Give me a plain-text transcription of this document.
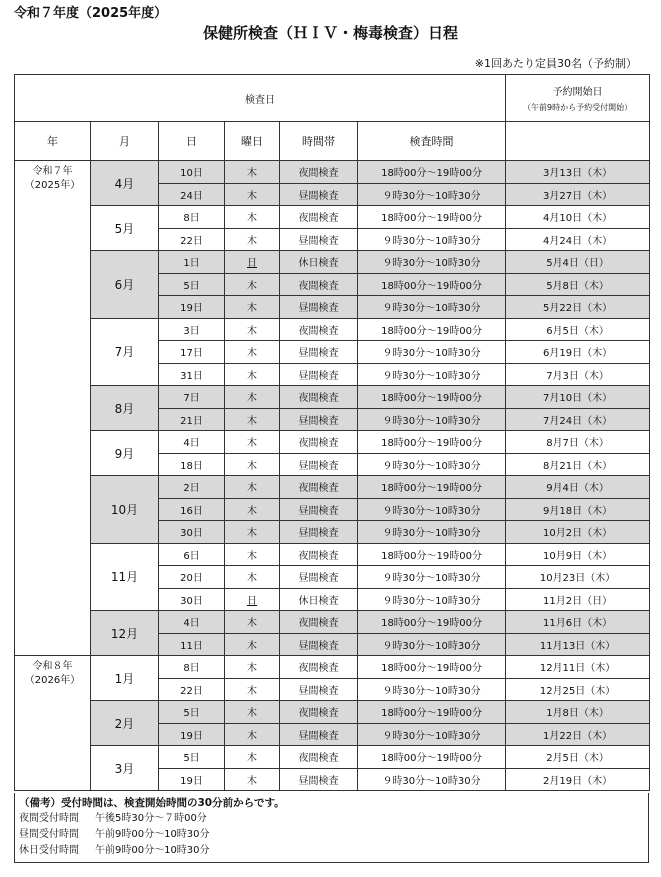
令和７年度（2025年度）
保健所検査（ＨＩＶ・梅毒検査）日程
※1回あたり定員30名（予約制）
検査日						予約開始日
（午前9時から予約受付開始）

年	月	日	曜日	時間帯	検査時間	

令和７年
（2025年）	4月	10日	木	夜間検査	18時00分～19時00分	3月13日（木）
		24日	木	昼間検査	９時30分～10時30分	3月27日（木）
	5月	8日	木	夜間検査	18時00分～19時00分	4月10日（木）
		22日	木	昼間検査	９時30分～10時30分	4月24日（木）
	6月	1日	日	休日検査	９時30分～10時30分	5月4日（日）
		5日	木	夜間検査	18時00分～19時00分	5月8日（木）
		19日	木	昼間検査	９時30分～10時30分	5月22日（木）
	7月	3日	木	夜間検査	18時00分～19時00分	6月5日（木）
		17日	木	昼間検査	９時30分～10時30分	6月19日（木）
		31日	木	昼間検査	９時30分～10時30分	7月3日（木）
	8月	7日	木	夜間検査	18時00分～19時00分	7月10日（木）
		21日	木	昼間検査	９時30分～10時30分	7月24日（木）
	9月	4日	木	夜間検査	18時00分～19時00分	8月7日（木）
		18日	木	昼間検査	９時30分～10時30分	8月21日（木）
	10月	2日	木	夜間検査	18時00分～19時00分	9月4日（木）
		16日	木	昼間検査	９時30分～10時30分	9月18日（木）
		30日	木	昼間検査	９時30分～10時30分	10月2日（木）
	11月	6日	木	夜間検査	18時00分～19時00分	10月9日（木）
		20日	木	昼間検査	９時30分～10時30分	10月23日（木）
		30日	日	休日検査	９時30分～10時30分	11月2日（日）
	12月	4日	木	夜間検査	18時00分～19時00分	11月6日（木）
		11日	木	昼間検査	９時30分～10時30分	11月13日（木）

令和８年
（2026年）	1月	8日	木	夜間検査	18時00分～19時00分	12月11日（木）
		22日	木	昼間検査	９時30分～10時30分	12月25日（木）
	2月	5日	木	夜間検査	18時00分～19時00分	1月8日（木）
		19日	木	昼間検査	９時30分～10時30分	1月22日（木）
	3月	5日	木	夜間検査	18時00分～19時00分	2月5日（木）
		19日	木	昼間検査	９時30分～10時30分	2月19日（木）
（備考）受付時間は、検査開始時間の30分前からです。
夜間受付時間 午後5時30分～７時00分
昼間受付時間 午前9時00分～10時30分
休日受付時間 午前9時00分～10時30分
